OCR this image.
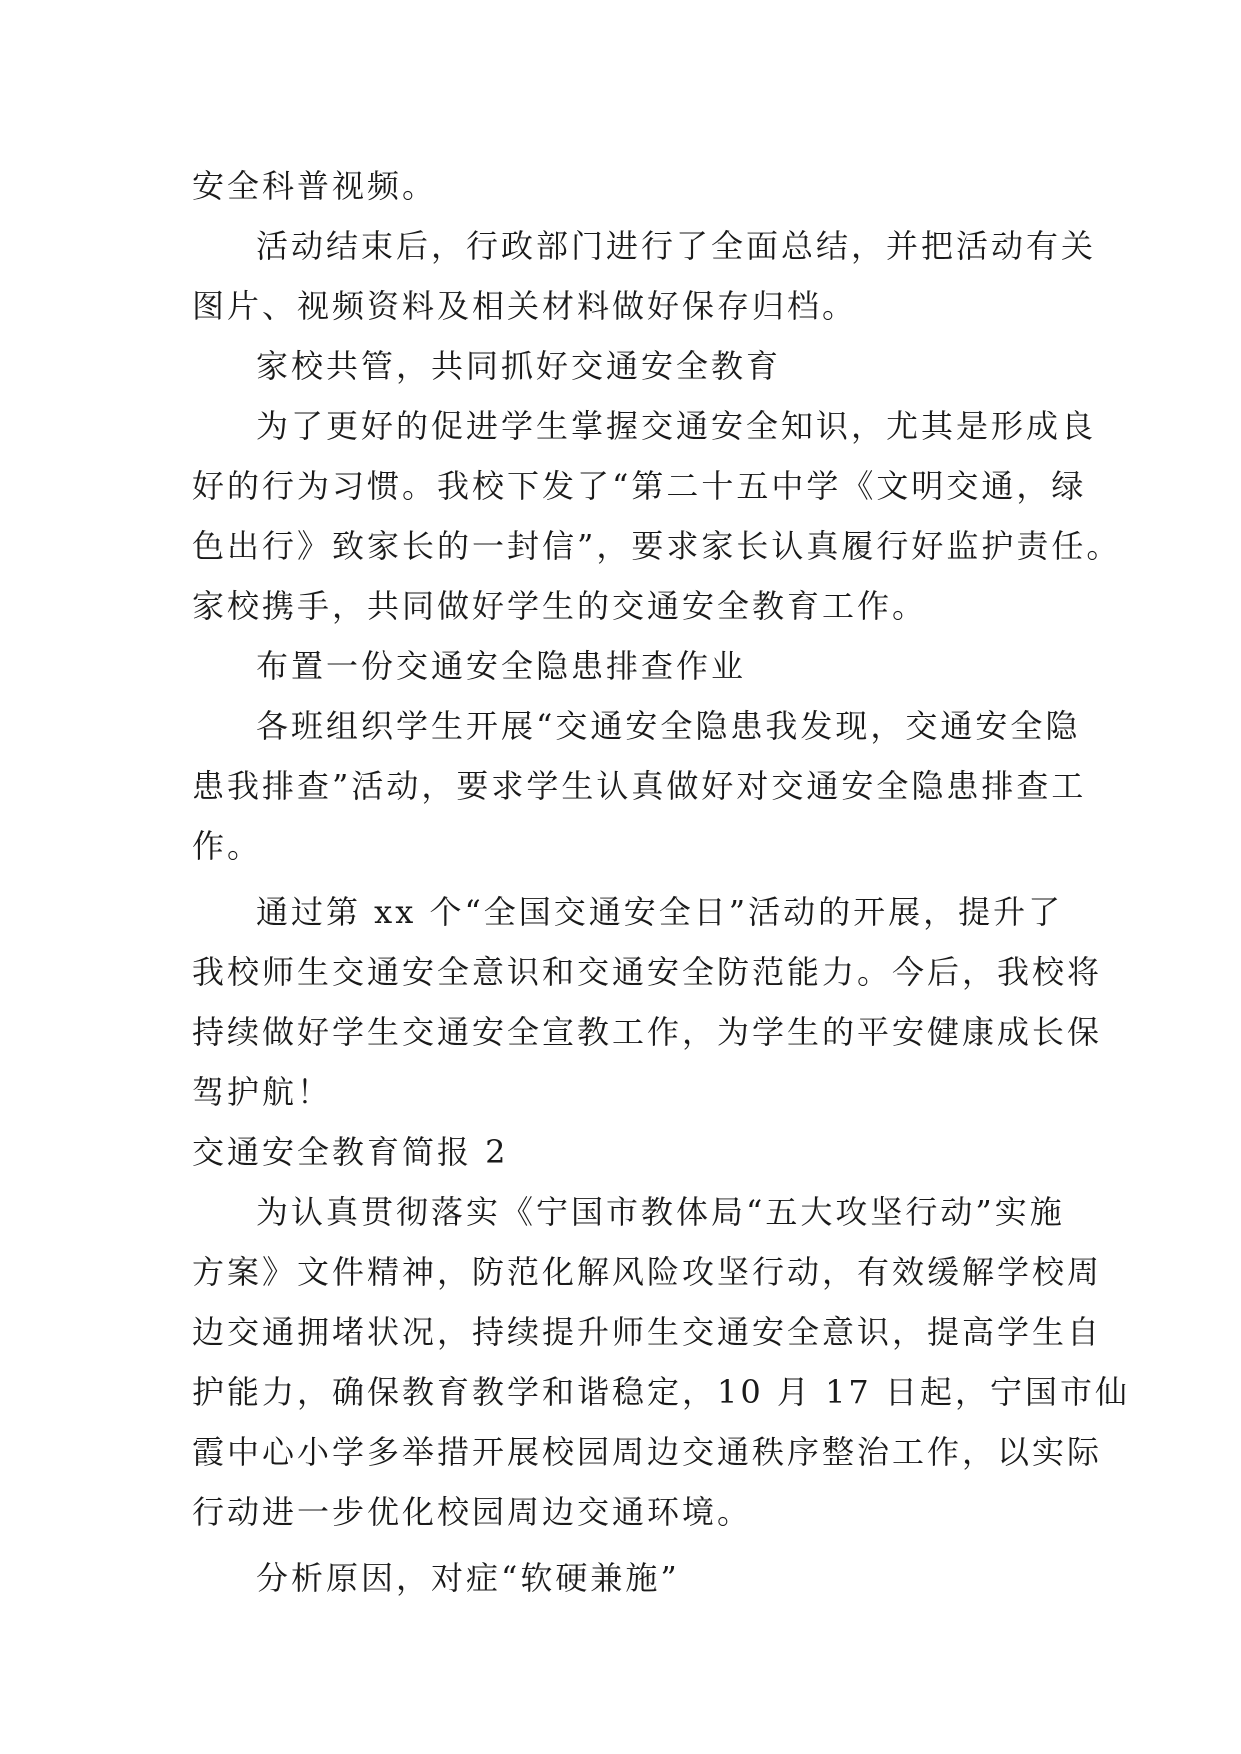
安全科普视频。
活动结束后，行政部门进行了全面总结，并把活动有关
图片、视频资料及相关材料做好保存归档。
家校共管，共同抓好交通安全教育
为了更好的促进学生掌握交通安全知识，尤其是形成良
好的行为习惯。我校下发了“第二十五中学《文明交通，绿
色出行》致家长的一封信”，要求家长认真履行好监护责任。
家校携手，共同做好学生的交通安全教育工作。
布置一份交通安全隐患排查作业
各班组织学生开展“交通安全隐患我发现，交通安全隐
患我排查”活动，要求学生认真做好对交通安全隐患排查工
作。
通过第 xx 个“全国交通安全日”活动的开展，提升了
我校师生交通安全意识和交通安全防范能力。今后，我校将
持续做好学生交通安全宣教工作，为学生的平安健康成长保
驾护航！
交通安全教育简报 2
为认真贯彻落实《宁国市教体局“五大攻坚行动”实施
方案》文件精神，防范化解风险攻坚行动，有效缓解学校周
边交通拥堵状况，持续提升师生交通安全意识，提高学生自
护能力，确保教育教学和谐稳定，10 月 17 日起，宁国市仙
霞中心小学多举措开展校园周边交通秩序整治工作，以实际
行动进一步优化校园周边交通环境。
分析原因，对症“软硬兼施”
